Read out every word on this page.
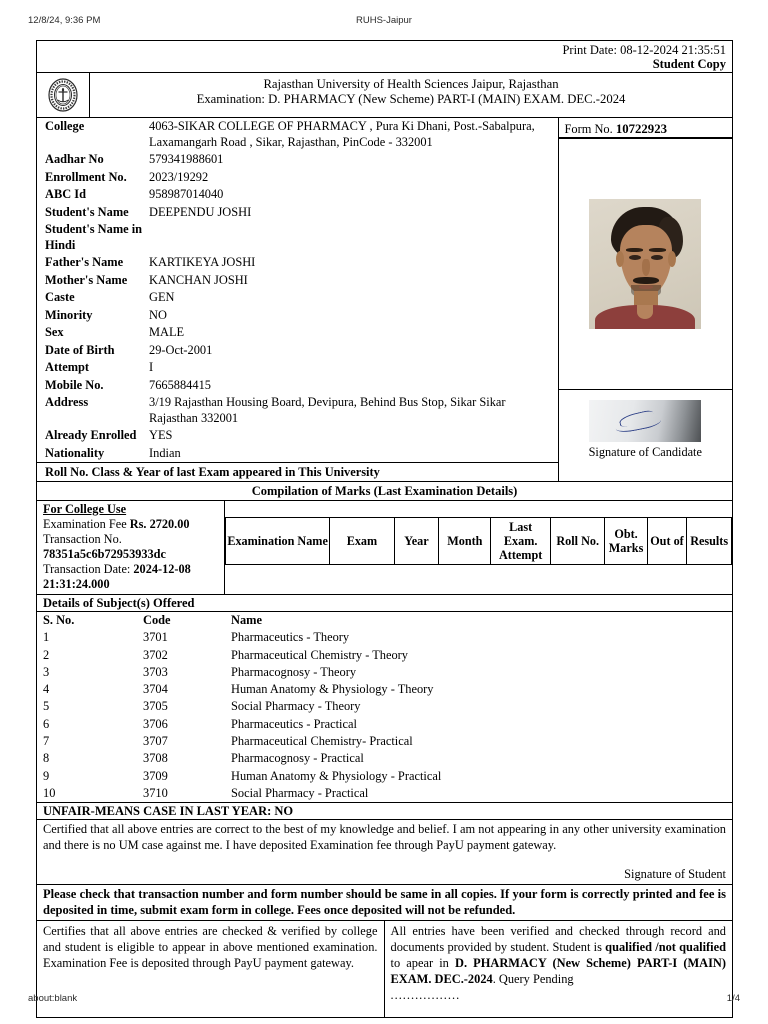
12/8/24, 9:36 PM	RUHS-Jaipur
Print Date: 08-12-2024 21:35:51
Student Copy
Rajasthan University of Health Sciences Jaipur, Rajasthan
Examination: D. PHARMACY (New Scheme) PART-I (MAIN) EXAM. DEC.-2024
College	4063-SIKAR COLLEGE OF PHARMACY , Pura Ki Dhani, Post.-Sabalpura, Laxamangarh Road , Sikar, Rajasthan, PinCode - 332001
Aadhar No	579341988601
Enrollment No.	2023/19292
ABC Id	958987014040
Student's Name	DEEPENDU JOSHI
Student's Name in Hindi
Father's Name	KARTIKEYA JOSHI
Mother's Name	KANCHAN JOSHI
Caste	GEN
Minority	NO
Sex	MALE
Date of Birth	29-Oct-2001
Attempt	I
Mobile No.	7665884415
Address	3/19 Rajasthan Housing Board, Devipura, Behind Bus Stop, Sikar Sikar Rajasthan 332001
Already Enrolled	YES
Nationality	Indian
Roll No. Class & Year of last Exam appeared in This University
Form No. 10722923
Signature of Candidate
Compilation of Marks (Last Examination Details)
For College Use
Examination Fee Rs. 2720.00
Transaction No.
78351a5c6b72953933dc
Transaction Date: 2024-12-08 21:31:24.000

Examination Name	Exam	Year	Month	Last Exam. Attempt	Roll No.	Obt. Marks	Out of	Results

Details of Subject(s) Offered
S. No.	Code	Name
1	3701	Pharmaceutics - Theory
2	3702	Pharmaceutical Chemistry - Theory
3	3703	Pharmacognosy - Theory
4	3704	Human Anatomy & Physiology - Theory
5	3705	Social Pharmacy - Theory
6	3706	Pharmaceutics - Practical
7	3707	Pharmaceutical Chemistry- Practical
8	3708	Pharmacognosy - Practical
9	3709	Human Anatomy & Physiology - Practical
10	3710	Social Pharmacy - Practical
UNFAIR-MEANS CASE IN LAST YEAR: NO
Certified that all above entries are correct to the best of my knowledge and belief. I am not appearing in any other university examination and there is no UM case against me. I have deposited Examination fee through PayU payment gateway.
Signature of Student
Please check that transaction number and form number should be same in all copies. If your form is correctly printed and fee is deposited in time, submit exam form in college. Fees once deposited will not be refunded.
Certifies that all above entries are checked & verified by college and student is eligible to appear in above mentioned examination. Examination Fee is deposited through PayU payment gateway.
All entries have been verified and checked through record and documents provided by student. Student is qualified /not qualified to apear in D. PHARMACY (New Scheme) PART-I (MAIN) EXAM. DEC.-2024. Query Pending
.................
about:blank	1/4
